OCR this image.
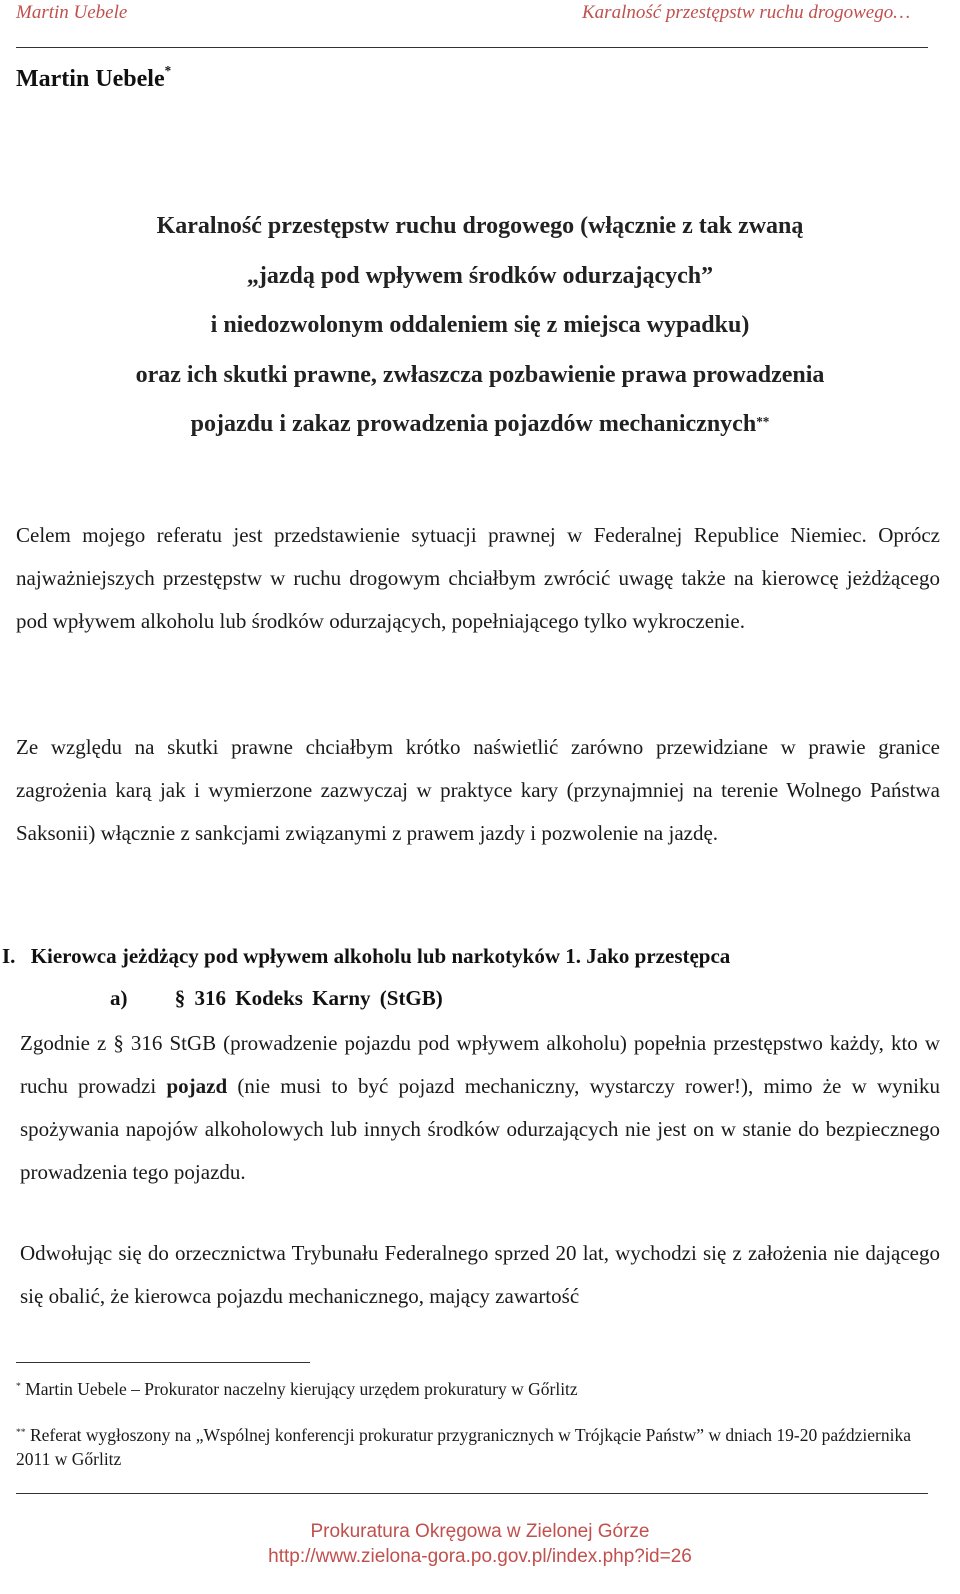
Martin Uebele	Karalność przestępstw ruchu drogowego…
Martin Uebele*
Karalność przestępstw ruchu drogowego (włącznie z tak zwaną
„jazdą pod wpływem środków odurzających”
i niedozwolonym oddaleniem się z miejsca wypadku)
oraz ich skutki prawne, zwłaszcza pozbawienie prawa prowadzenia
pojazdu i zakaz prowadzenia pojazdów mechanicznych**
Celem mojego referatu jest przedstawienie sytuacji prawnej w Federalnej Republice Niemiec. Oprócz najważniejszych przestępstw w ruchu drogowym chciałbym zwrócić uwagę także na kierowcę jeżdżącego pod wpływem alkoholu lub środków odurzających, popełniającego tylko wykroczenie.
Ze względu na skutki prawne chciałbym krótko naświetlić zarówno przewidziane w prawie granice zagrożenia karą jak i wymierzone zazwyczaj w praktyce kary (przynajmniej na terenie Wolnego Państwa Saksonii) włącznie z sankcjami związanymi z prawem jazdy i pozwolenie na jazdę.
I. Kierowca jeżdżący pod wpływem alkoholu lub narkotyków 1. Jako przestępca
a) § 316 Kodeks Karny (StGB)
Zgodnie z § 316 StGB (prowadzenie pojazdu pod wpływem alkoholu) popełnia przestępstwo każdy, kto w ruchu prowadzi pojazd (nie musi to być pojazd mechaniczny, wystarczy rower!), mimo że w wyniku spożywania napojów alkoholowych lub innych środków odurzających nie jest on w stanie do bezpiecznego prowadzenia tego pojazdu.
Odwołując się do orzecznictwa Trybunału Federalnego sprzed 20 lat, wychodzi się z założenia nie dającego się obalić, że kierowca pojazdu mechanicznego, mający zawartość
* Martin Uebele – Prokurator naczelny kierujący urzędem prokuratury w Gőrlitz
** Referat wygłoszony na „Wspólnej konferencji prokuratur przygranicznych w Trójkącie Państw” w dniach 19-20 października 2011 w Gőrlitz
Prokuratura Okręgowa w Zielonej Górze
http://www.zielona-gora.po.gov.pl/index.php?id=26
